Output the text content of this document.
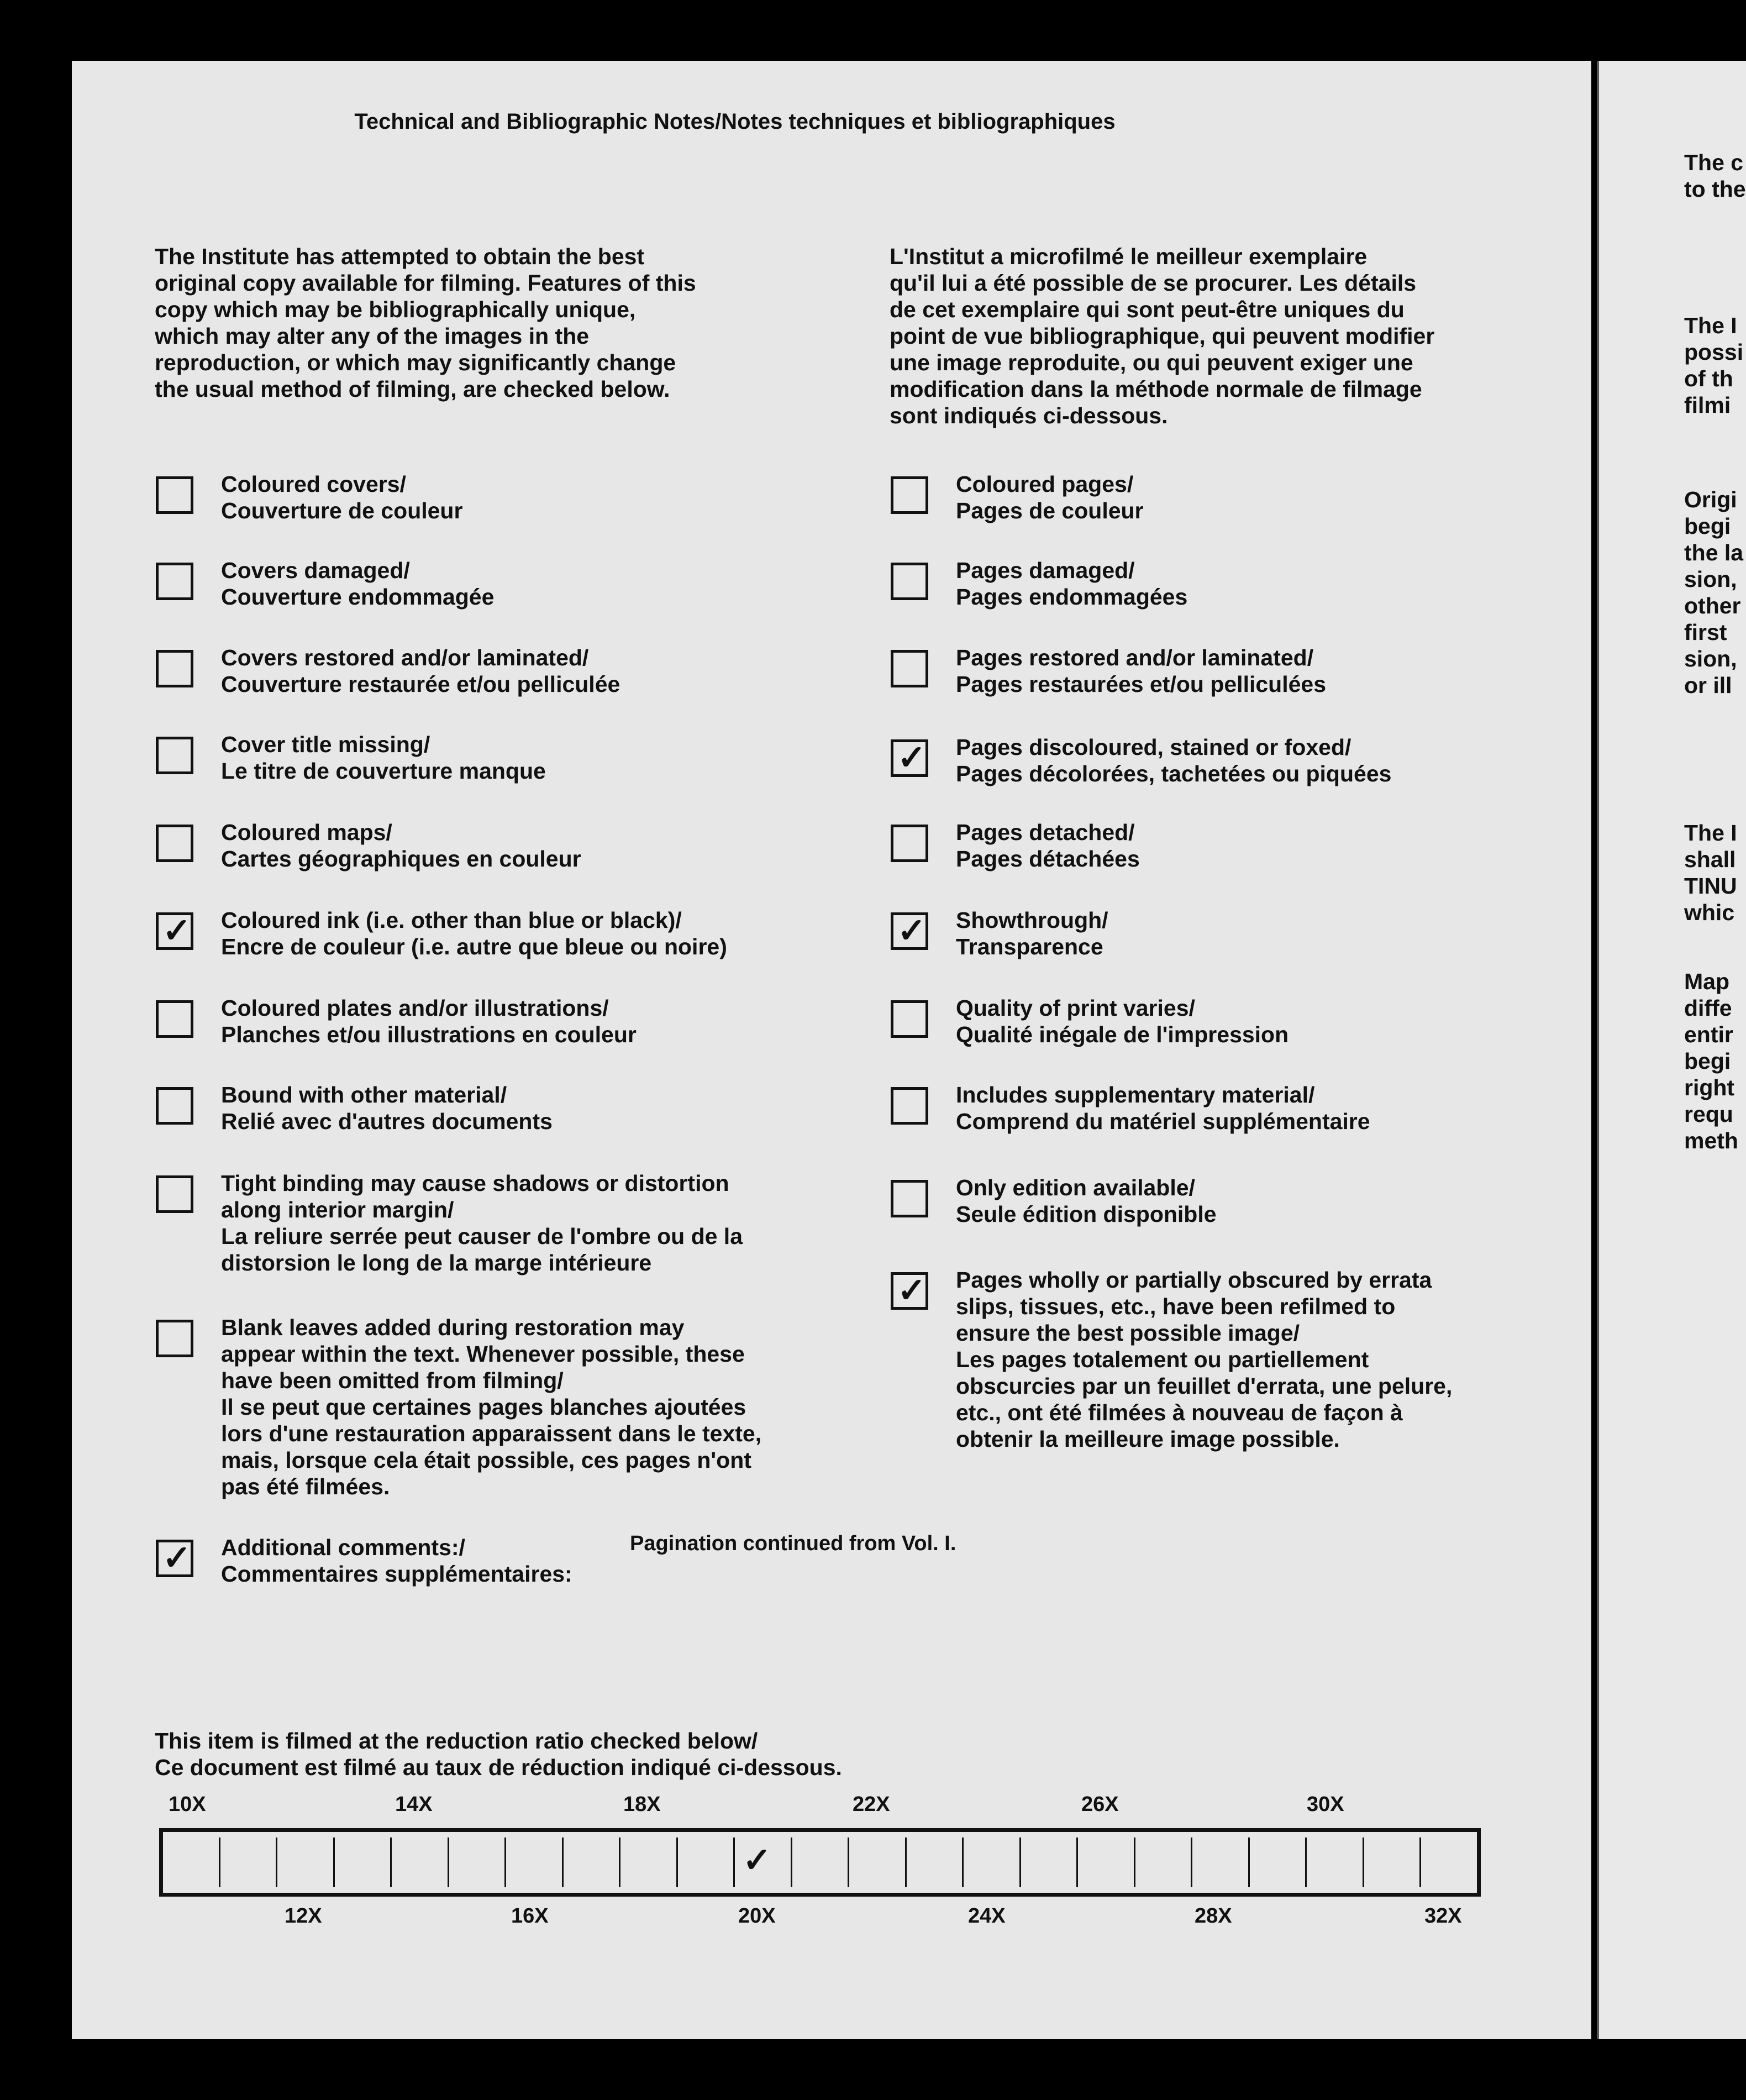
Technical and Bibliographic Notes/Notes techniques et bibliographiques
The Institute has attempted to obtain the best
original copy available for filming. Features of this
copy which may be bibliographically unique,
which may alter any of the images in the
reproduction, or which may significantly change
the usual method of filming, are checked below.
L'Institut a microfilmé le meilleur exemplaire
qu'il lui a été possible de se procurer. Les détails
de cet exemplaire qui sont peut-être uniques du
point de vue bibliographique, qui peuvent modifier
une image reproduite, ou qui peuvent exiger une
modification dans la méthode normale de filmage
sont indiqués ci-dessous.
Coloured covers/
Couverture de couleur
Covers damaged/
Couverture endommagée
Covers restored and/or laminated/
Couverture restaurée et/ou pelliculée
Cover title missing/
Le titre de couverture manque
Coloured maps/
Cartes géographiques en couleur
✓ Coloured ink (i.e. other than blue or black)/
Encre de couleur (i.e. autre que bleue ou noire)
Coloured plates and/or illustrations/
Planches et/ou illustrations en couleur
Bound with other material/
Relié avec d'autres documents
Tight binding may cause shadows or distortion
along interior margin/
La reliure serrée peut causer de l'ombre ou de la
distorsion le long de la marge intérieure
Blank leaves added during restoration may
appear within the text. Whenever possible, these
have been omitted from filming/
Il se peut que certaines pages blanches ajoutées
lors d'une restauration apparaissent dans le texte,
mais, lorsque cela était possible, ces pages n'ont
pas été filmées.
✓ Additional comments:/
Commentaires supplémentaires:
Coloured pages/
Pages de couleur
Pages damaged/
Pages endommagées
Pages restored and/or laminated/
Pages restaurées et/ou pelliculées
✓ Pages discoloured, stained or foxed/
Pages décolorées, tachetées ou piquées
Pages detached/
Pages détachées
✓ Showthrough/
Transparence
Quality of print varies/
Qualité inégale de l'impression
Includes supplementary material/
Comprend du matériel supplémentaire
Only edition available/
Seule édition disponible
✓ Pages wholly or partially obscured by errata
slips, tissues, etc., have been refilmed to
ensure the best possible image/
Les pages totalement ou partiellement
obscurcies par un feuillet d'errata, une pelure,
etc., ont été filmées à nouveau de façon à
obtenir la meilleure image possible.
Pagination continued from Vol. I.
This item is filmed at the reduction ratio checked below/
Ce document est filmé au taux de réduction indiqué ci-dessous.
10X	14X	18X	22X	26X	30X
12X	16X	20X	24X	28X	32X
✓
The c
to the
The I
possi
of th
filmi
Origi
begi
the la
sion,
other
first
sion,
or ill
The I
shall
TINU
whic
Map
diffe
entir
begi
right
requ
meth
